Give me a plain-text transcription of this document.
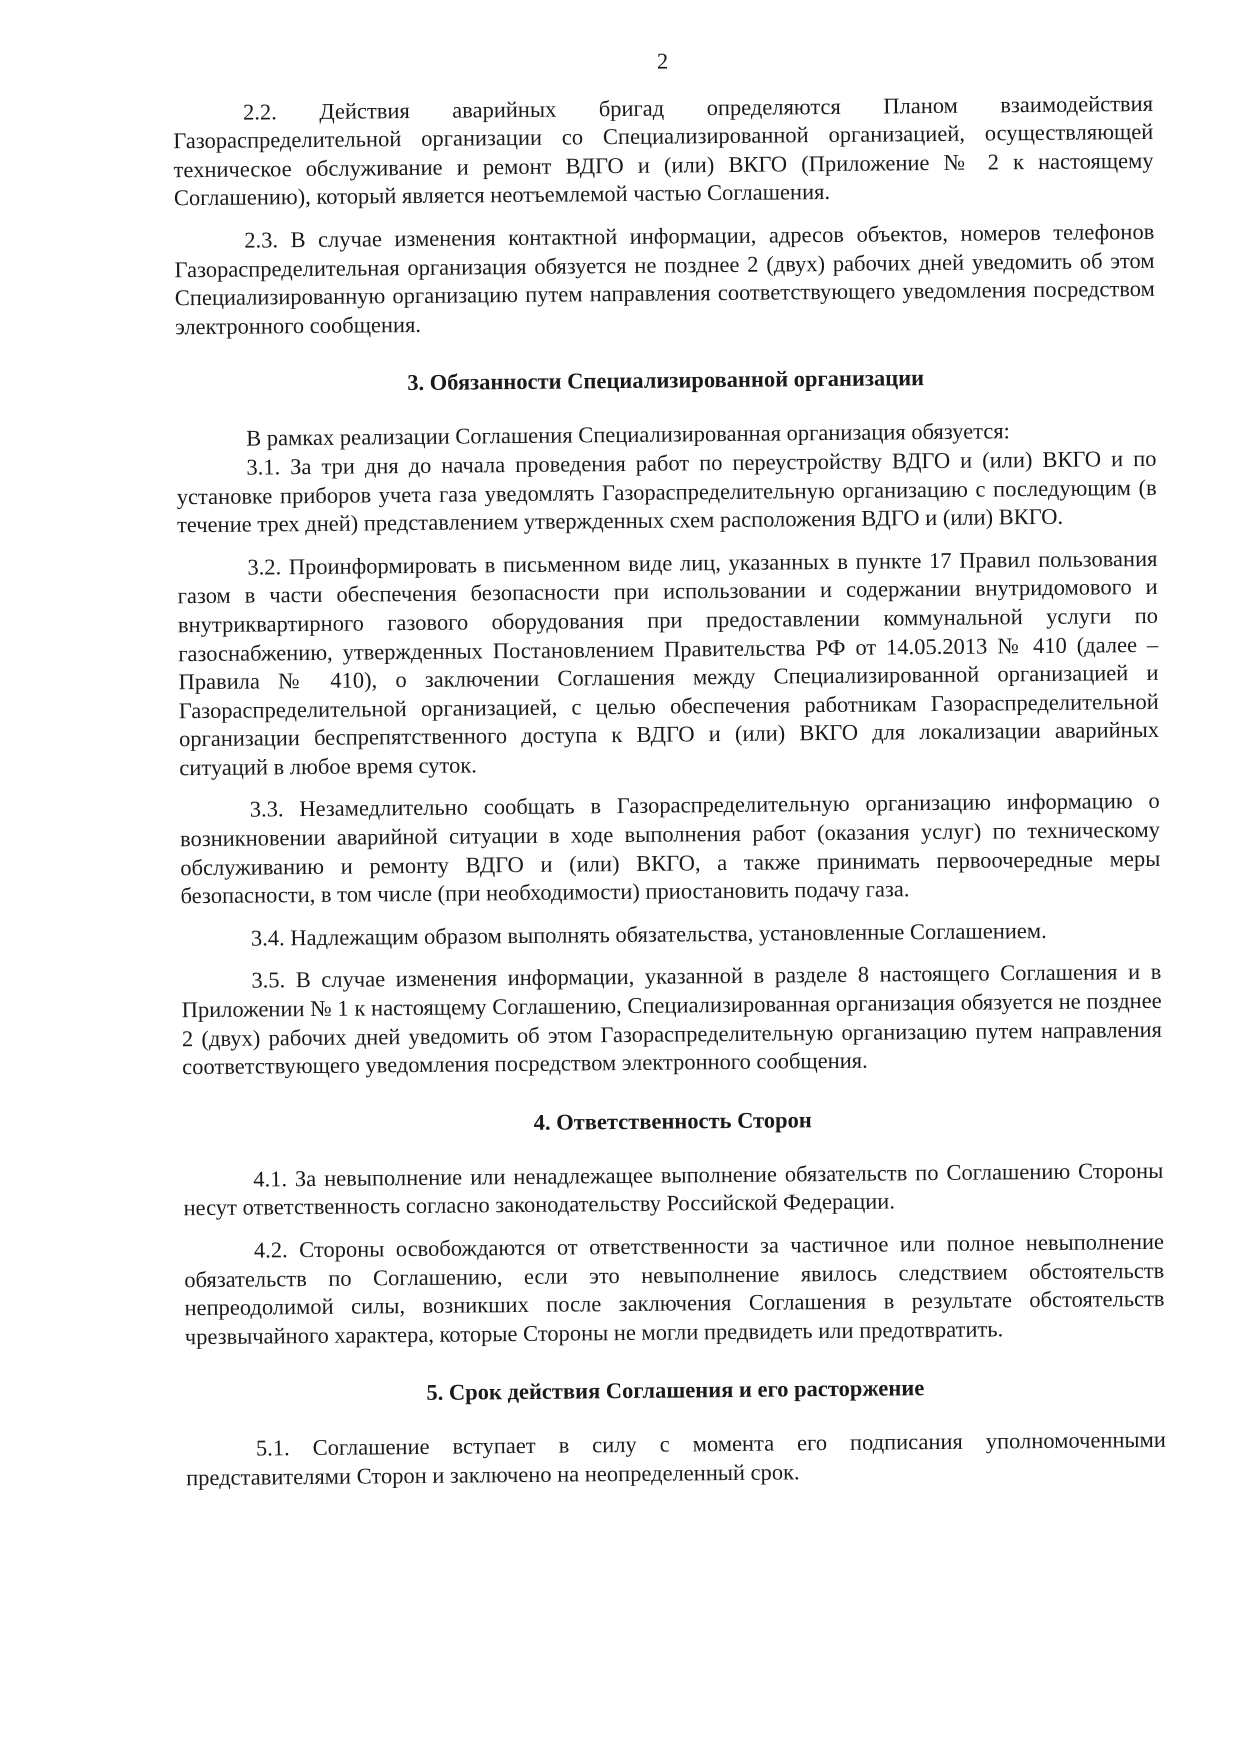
2

2.2. Действия аварийных бригад определяются Планом взаимодействия Газораспределительной организации со Специализированной организацией, осуществляющей техническое обслуживание и ремонт ВДГО и (или) ВКГО (Приложение № 2 к настоящему Соглашению), который является неотъемлемой частью Соглашения.

2.3. В случае изменения контактной информации, адресов объектов, номеров телефонов Газораспределительная организация обязуется не позднее 2 (двух) рабочих дней уведомить об этом Специализированную организацию путем направления соответствующего уведомления посредством электронного сообщения.

3. Обязанности Специализированной организации

В рамках реализации Соглашения Специализированная организация обязуется:

3.1. За три дня до начала проведения работ по переустройству ВДГО и (или) ВКГО и по установке приборов учета газа уведомлять Газораспределительную организацию с последующим (в течение трех дней) представлением утвержденных схем расположения ВДГО и (или) ВКГО.

3.2. Проинформировать в письменном виде лиц, указанных в пункте 17 Правил пользования газом в части обеспечения безопасности при использовании и содержании внутридомового и внутриквартирного газового оборудования при предоставлении коммунальной услуги по газоснабжению, утвержденных Постановлением Правительства РФ от 14.05.2013 № 410 (далее – Правила № 410), о заключении Соглашения между Специализированной организацией и Газораспределительной организацией, с целью обеспечения работникам Газораспределительной организации беспрепятственного доступа к ВДГО и (или) ВКГО для локализации аварийных ситуаций в любое время суток.

3.3. Незамедлительно сообщать в Газораспределительную организацию информацию о возникновении аварийной ситуации в ходе выполнения работ (оказания услуг) по техническому обслуживанию и ремонту ВДГО и (или) ВКГО, а также принимать первоочередные меры безопасности, в том числе (при необходимости) приостановить подачу газа.

3.4. Надлежащим образом выполнять обязательства, установленные Соглашением.

3.5. В случае изменения информации, указанной в разделе 8 настоящего Соглашения и в Приложении № 1 к настоящему Соглашению, Специализированная организация обязуется не позднее 2 (двух) рабочих дней уведомить об этом Газораспределительную организацию путем направления соответствующего уведомления посредством электронного сообщения.

4. Ответственность Сторон

4.1. За невыполнение или ненадлежащее выполнение обязательств по Соглашению Стороны несут ответственность согласно законодательству Российской Федерации.

4.2. Стороны освобождаются от ответственности за частичное или полное невыполнение обязательств по Соглашению, если это невыполнение явилось следствием обстоятельств непреодолимой силы, возникших после заключения Соглашения в результате обстоятельств чрезвычайного характера, которые Стороны не могли предвидеть или предотвратить.

5. Срок действия Соглашения и его расторжение

5.1. Соглашение вступает в силу с момента его подписания уполномоченными представителями Сторон и заключено на неопределенный срок.
